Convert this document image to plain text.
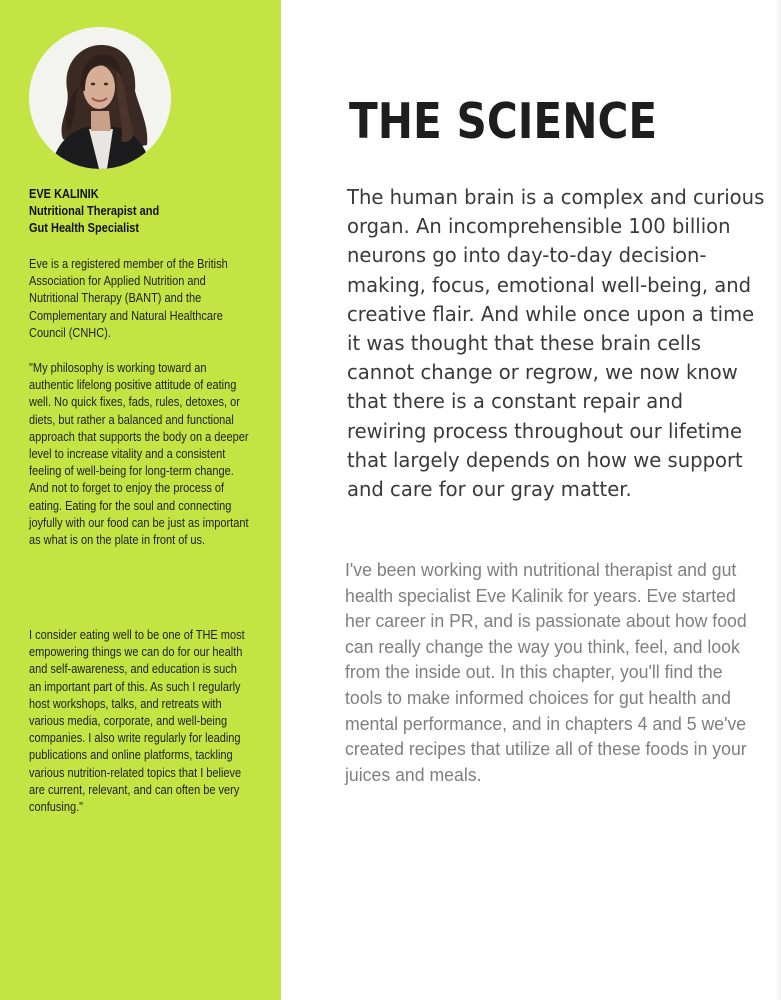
EVE KALINIK
Nutritional Therapist and
Gut Health Specialist
Eve is a registered member of the British Association for Applied Nutrition and Nutritional Therapy (BANT) and the Complementary and Natural Healthcare Council (CNHC).
"My philosophy is working toward an authentic lifelong positive attitude of eating well. No quick fixes, fads, rules, detoxes, or diets, but rather a balanced and functional approach that supports the body on a deeper level to increase vitality and a consistent feeling of well-being for long-term change. And not to forget to enjoy the process of eating. Eating for the soul and connecting joyfully with our food can be just as important as what is on the plate in front of us.
I consider eating well to be one of THE most empowering things we can do for our health and self-awareness, and education is such an important part of this. As such I regularly host workshops, talks, and retreats with various media, corporate, and well-being companies. I also write regularly for leading publications and online platforms, tackling various nutrition-related topics that I believe are current, relevant, and can often be very confusing."
THE SCIENCE

The human brain is a complex and curious organ. An incomprehensible 100 billion neurons go into day-to-day decision-making, focus, emotional well-being, and creative flair. And while once upon a time it was thought that these brain cells cannot change or regrow, we now know that there is a constant repair and rewiring process throughout our lifetime that largely depends on how we support and care for our gray matter.

I've been working with nutritional therapist and gut health specialist Eve Kalinik for years. Eve started her career in PR, and is passionate about how food can really change the way you think, feel, and look from the inside out. In this chapter, you'll find the tools to make informed choices for gut health and mental performance, and in chapters 4 and 5 we've created recipes that utilize all of these foods in your juices and meals.
